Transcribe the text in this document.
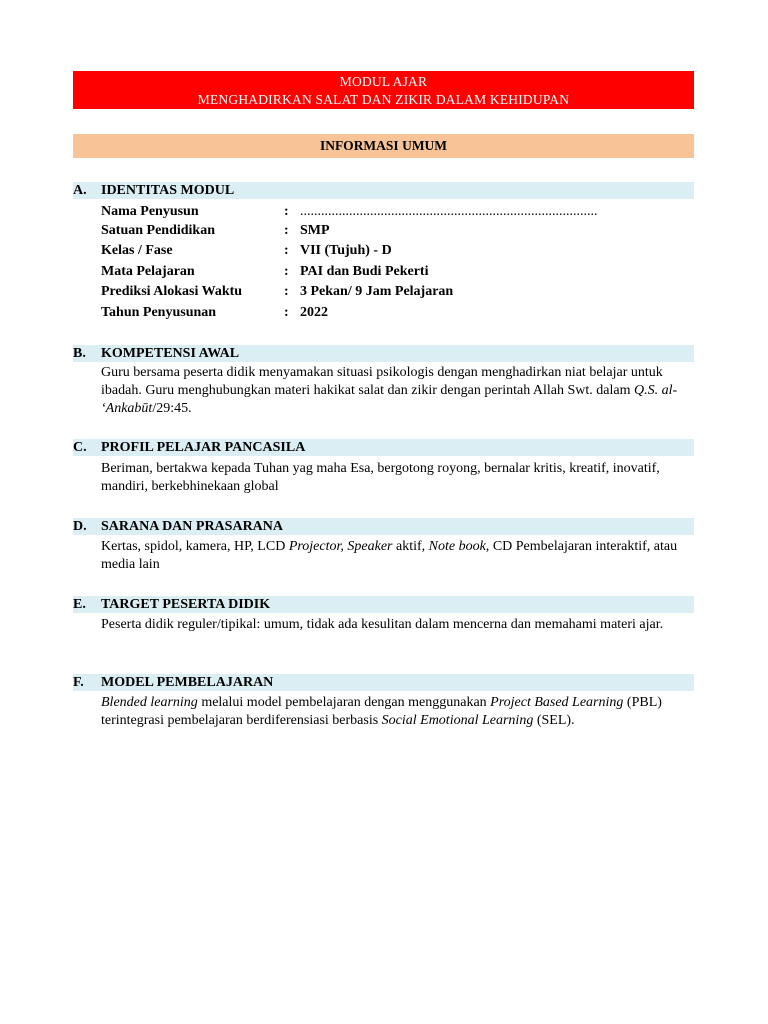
MODUL AJAR
MENGHADIRKAN SALAT DAN ZIKIR DALAM KEHIDUPAN
INFORMASI UMUM
A. IDENTITAS MODUL
Nama Penyusun	: .....................................................................................
Satuan Pendidikan	: SMP
Kelas / Fase	: VII (Tujuh) - D
Mata Pelajaran	: PAI dan Budi Pekerti
Prediksi Alokasi Waktu	: 3 Pekan/ 9 Jam Pelajaran
Tahun Penyusunan	: 2022
B. KOMPETENSI AWAL
Guru bersama peserta didik menyamakan situasi psikologis dengan menghadirkan niat belajar untuk ibadah. Guru menghubungkan materi hakikat salat dan zikir dengan perintah Allah Swt. dalam Q.S. al- ‘Ankabūt/29:45.
C. PROFIL PELAJAR PANCASILA
Beriman, bertakwa kepada Tuhan yag maha Esa, bergotong royong, bernalar kritis, kreatif, inovatif, mandiri, berkebhinekaan global
D. SARANA DAN PRASARANA
Kertas, spidol, kamera, HP, LCD Projector, Speaker aktif, Note book, CD Pembelajaran interaktif, atau media lain
E. TARGET PESERTA DIDIK
Peserta didik reguler/tipikal: umum, tidak ada kesulitan dalam mencerna dan memahami materi ajar.
F. MODEL PEMBELAJARAN
Blended learning melalui model pembelajaran dengan menggunakan Project Based Learning (PBL) terintegrasi pembelajaran berdiferensiasi berbasis Social Emotional Learning (SEL).
